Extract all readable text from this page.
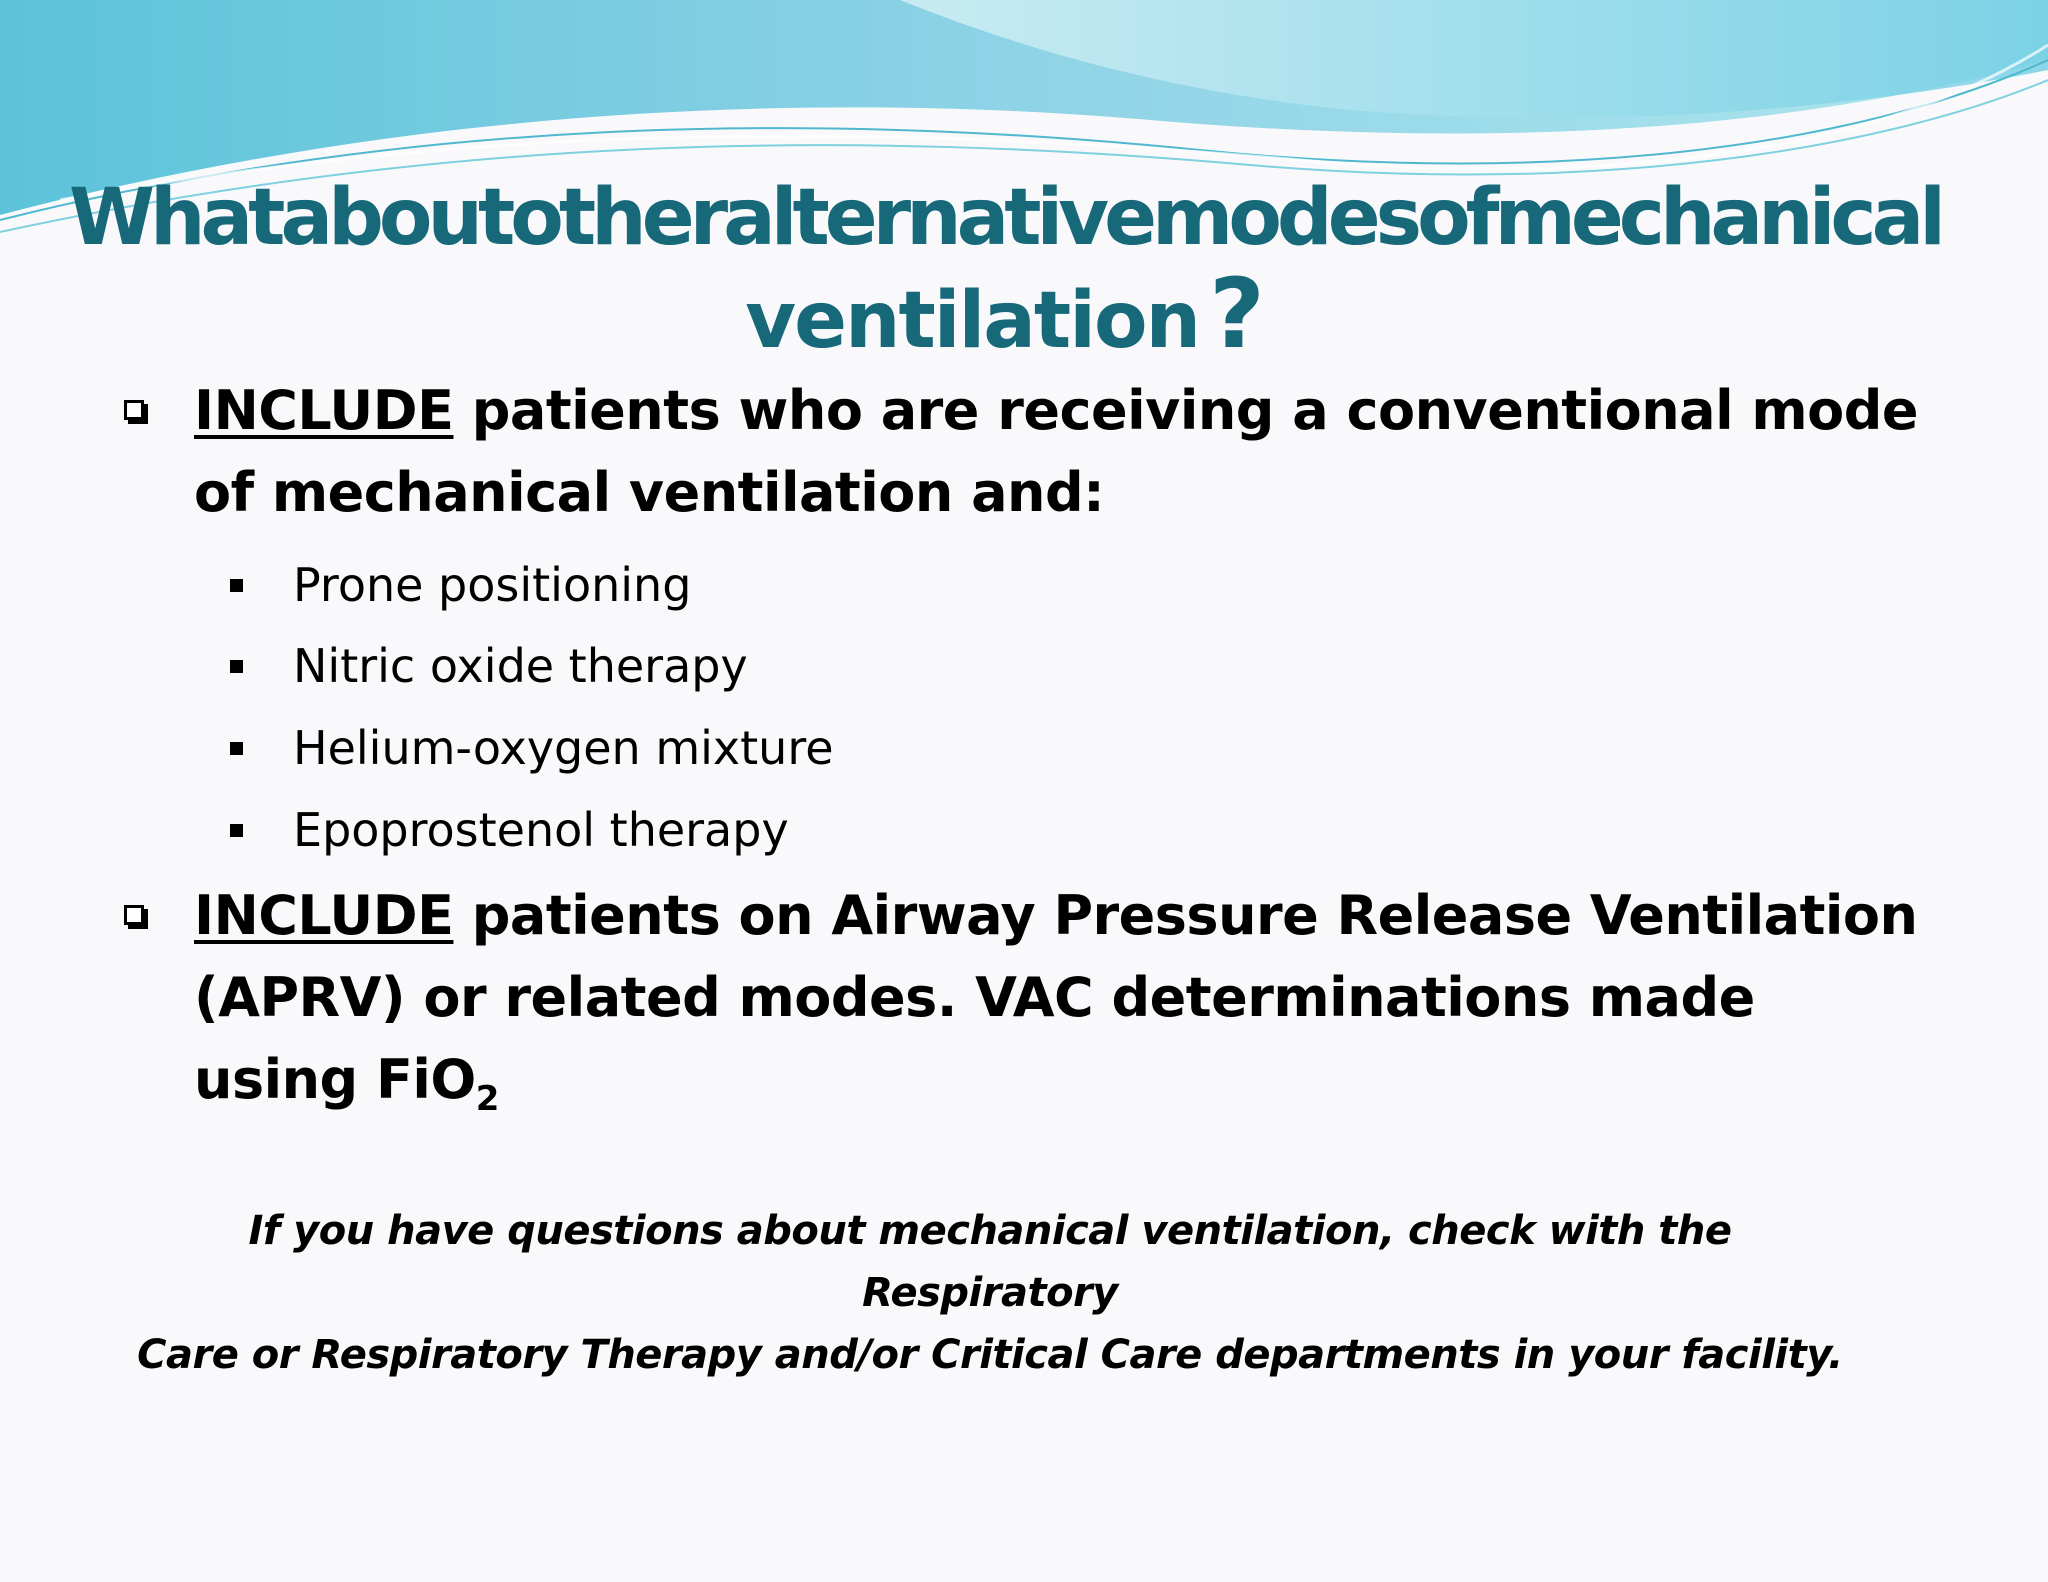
Whataboutotheralternativemodesofmechanical
ventilation ?
INCLUDE patients who are receiving a conventional mode of mechanical ventilation and:
Prone positioning
Nitric oxide therapy
Helium-oxygen mixture
Epoprostenol therapy
INCLUDE patients on Airway Pressure Release Ventilation (APRV) or related modes. VAC determinations made using FiO$_2$
If you have questions about mechanical ventilation, check with the Respiratory
Care or Respiratory Therapy and/or Critical Care departments in your facility.
